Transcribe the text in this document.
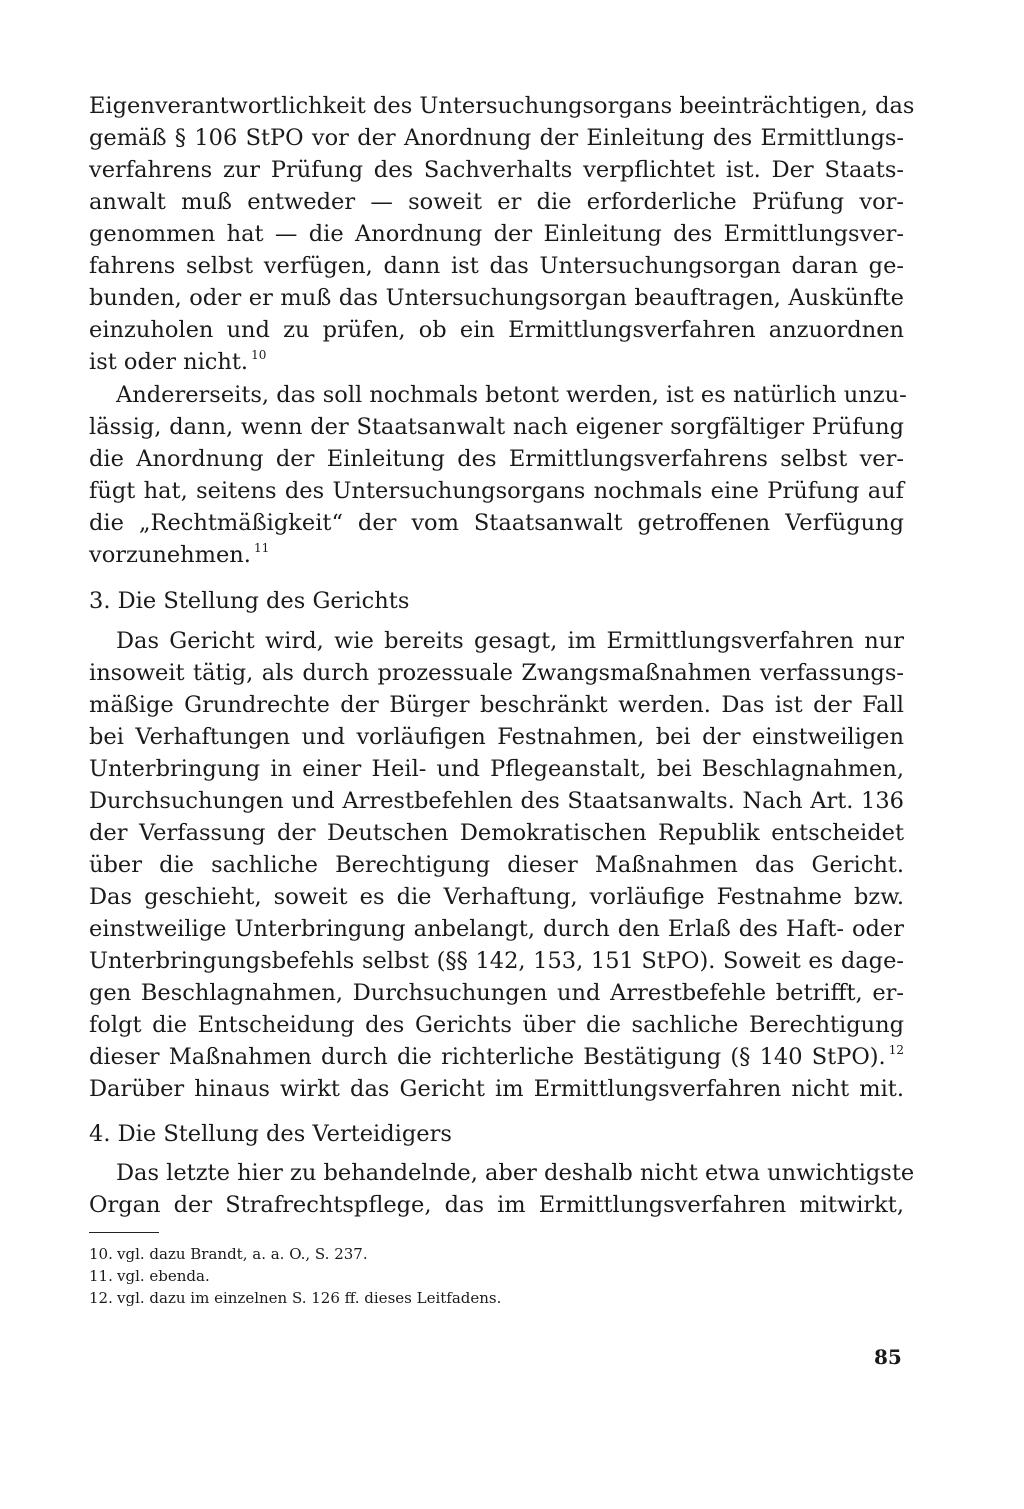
Eigenverantwortlichkeit des Untersuchungsorgans beeinträchtigen, das
gemäß § 106 StPO vor der Anordnung der Einleitung des Ermittlungs-
verfahrens zur Prüfung des Sachverhalts verpflichtet ist. Der Staats-
anwalt muß entweder — soweit er die erforderliche Prüfung vor-
genommen hat — die Anordnung der Einleitung des Ermittlungsver-
fahrens selbst verfügen, dann ist das Untersuchungsorgan daran ge-
bunden, oder er muß das Untersuchungsorgan beauftragen, Auskünfte
einzuholen und zu prüfen, ob ein Ermittlungsverfahren anzuordnen
ist oder nicht. $^{10}$
Andererseits, das soll nochmals betont werden, ist es natürlich unzu-
lässig, dann, wenn der Staatsanwalt nach eigener sorgfältiger Prüfung
die Anordnung der Einleitung des Ermittlungsverfahrens selbst ver-
fügt hat, seitens des Untersuchungsorgans nochmals eine Prüfung auf
die „Rechtmäßigkeit“ der vom Staatsanwalt getroffenen Verfügung
vorzunehmen. $^{11}$
3. Die Stellung des Gerichts
Das Gericht wird, wie bereits gesagt, im Ermittlungsverfahren nur
insoweit tätig, als durch prozessuale Zwangsmaßnahmen verfassungs-
mäßige Grundrechte der Bürger beschränkt werden. Das ist der Fall
bei Verhaftungen und vorläufigen Festnahmen, bei der einstweiligen
Unterbringung in einer Heil- und Pflegeanstalt, bei Beschlagnahmen,
Durchsuchungen und Arrestbefehlen des Staatsanwalts. Nach Art. 136
der Verfassung der Deutschen Demokratischen Republik entscheidet
über die sachliche Berechtigung dieser Maßnahmen das Gericht.
Das geschieht, soweit es die Verhaftung, vorläufige Festnahme bzw.
einstweilige Unterbringung anbelangt, durch den Erlaß des Haft- oder
Unterbringungsbefehls selbst (§§ 142, 153, 151 StPO). Soweit es dage-
gen Beschlagnahmen, Durchsuchungen und Arrestbefehle betrifft, er-
folgt die Entscheidung des Gerichts über die sachliche Berechtigung
dieser Maßnahmen durch die richterliche Bestätigung (§ 140 StPO). $^{12}$
Darüber hinaus wirkt das Gericht im Ermittlungsverfahren nicht mit.
4. Die Stellung des Verteidigers
Das letzte hier zu behandelnde, aber deshalb nicht etwa unwichtigste
Organ der Strafrechtspflege, das im Ermittlungsverfahren mitwirkt,
10. vgl. dazu Brandt, a. a. O., S. 237.
11. vgl. ebenda.
12. vgl. dazu im einzelnen S. 126 ff. dieses Leitfadens.
85
